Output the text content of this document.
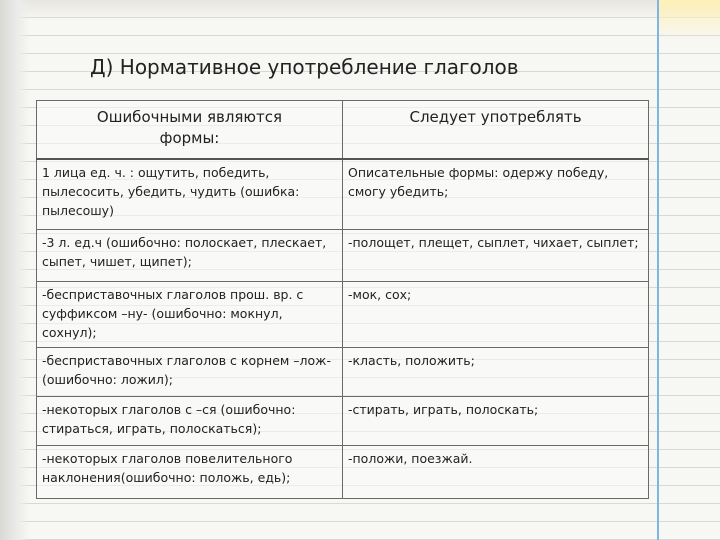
Д) Нормативное употребление глаголов
Ошибочными являются формы:	Следует употреблять
1 лица ед. ч. : ощутить, победить, пылесосить, убедить, чудить (ошибка: пылесошу)	Описательные формы: одержу победу, смогу убедить;
-3 л. ед.ч (ошибочно: полоскает, плескает, сыпет, чишет, щипет);	-полощет, плещет, сыплет, чихает, сыплет;
-бесприставочных глаголов прош. вр. с суффиксом –ну- (ошибочно: мокнул, сохнул);	-мок, сох;
-бесприставочных глаголов с корнем –лож- (ошибочно: ложил);	-класть, положить;
-некоторых глаголов с –ся (ошибочно: стираться, играть, полоскаться);	-стирать, играть, полоскать;
-некоторых глаголов повелительного наклонения(ошибочно: положь, едь);	-положи, поезжай.
